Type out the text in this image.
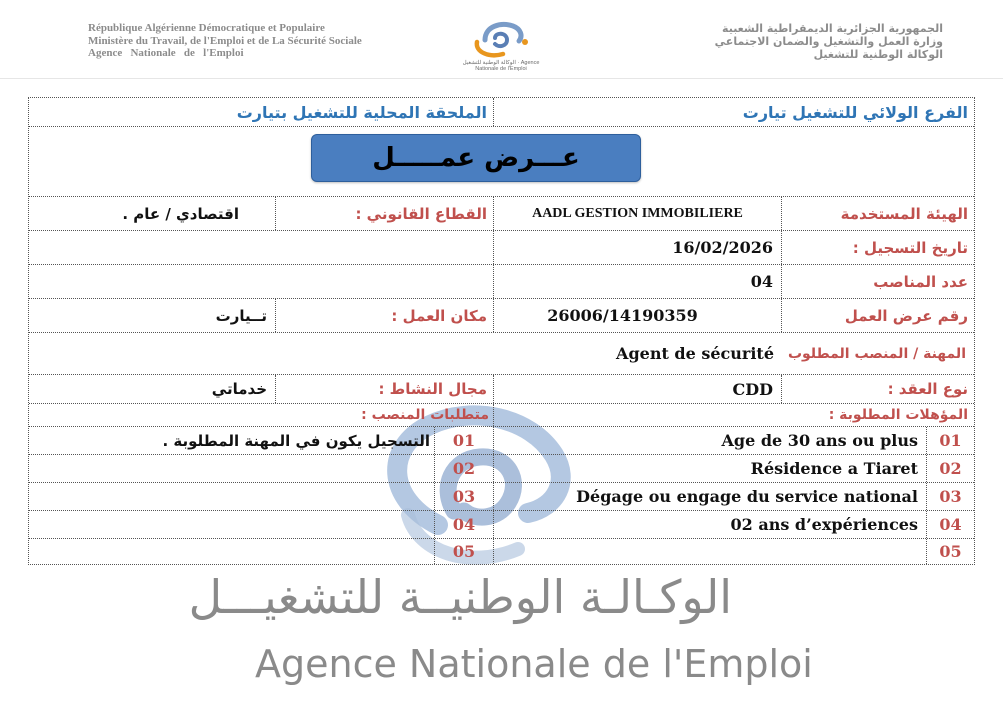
République Algérienne Démocratique et Populaire
Ministère du Travail, de l'Emploi et de La Sécurité Sociale
Agence   Nationale   de   l'Emploi
الوكالة الوطنية للتشغيل · Agence Nationale de l'Emploi
الجمهورية الجزائرية الديمقراطية الشعبية
وزارة العمل والتشغيل والضمان الاجتماعي
الوكالة الوطنية للتشغيل
الفرع الولائي للتشغيل تيارت
الملحقة المحلية للتشغيل بتيارت
عـــرض عمـــــل
الهيئة المستخدمة
AADL GESTION IMMOBILIERE
القطاع القانوني :
اقتصادي / عام .
تاريخ التسجيل :
16/02/2026
عدد المناصب
04
رقم عرض العمل
26006/14190359
مكان العمل :
تــيارت
المهنة / المنصب المطلوب
Agent de sécurité
نوع العقد :
CDD
مجال النشاط :
خدماتي
المؤهلات المطلوبة :
متطلبات المنصب :
01
Age de 30 ans ou plus
01
التسجيل يكون في المهنة المطلوبة .
02
Résidence a Tiaret
02
03
Dégage ou engage du service national
03
04
02 ans d’expériences
04
05
05
الوكـالـة الوطنيــة للتشغيـــل
Agence Nationale de l'Emploi
